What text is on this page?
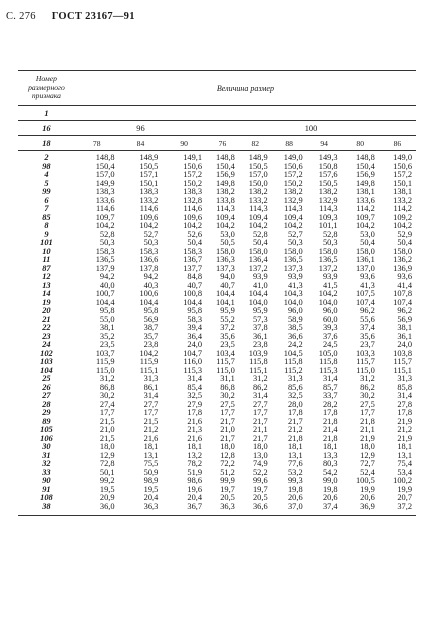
С. 276 ГОСТ 23167—91
Номер размерного признака	Величина размер								
1									
16	96			100					
18	78	84	90	76	82	88	94	80	86

2	148,8	148,9	149,1	148,8	148,9	149,0	149,3	148,8	149,0
98	150,4	150,5	150,6	150,4	150,5	150,6	150,8	150,4	150,6
4	157,0	157,1	157,2	156,9	157,0	157,2	157,6	156,9	157,2
5	149,9	150,1	150,2	149,8	150,0	150,2	150,5	149,8	150,1
99	138,3	138,3	138,3	138,2	138,2	138,2	138,2	138,1	138,1
6	133,6	133,2	132,8	133,8	133,2	132,9	132,9	133,6	133,2
7	114,6	114,6	114,6	114,3	114,3	114,3	114,3	114,2	114,2
85	109,7	109,6	109,6	109,4	109,4	109,4	109,3	109,7	109,2
8	104,2	104,2	104,2	104,2	104,2	104,2	101,1	104,2	104,2
9	52,8	52,7	52,6	53,0	52,8	52,7	52,8	53,0	52,9
101	50,3	50,3	50,4	50,5	50,4	50,3	50,3	50,4	50,4
10	158,3	158,3	158,3	158,0	158,0	158,0	158,0	158,0	158,0
11	136,5	136,6	136,7	136,3	136,4	136,5	136,5	136,1	136,2
87	137,9	137,8	137,7	137,3	137,2	137,3	137,2	137,0	136,9
12	94,2	94,2	84,8	94,0	93,9	93,9	93,9	93,6	93,6
13	40,0	40,3	40,7	40,7	41,0	41,3	41,5	41,3	41,4
14	100,7	100,6	100,8	104,4	104,4	104,3	104,2	107,5	107,8
19	104,4	104,4	104,4	104,1	104,0	104,0	104,0	107,4	107,4
20	95,8	95,8	95,8	95,9	95,9	96,0	96,0	96,2	96,2
21	55,0	56,9	58,3	55,2	57,3	58,9	60,0	55,6	56,9
22	38,1	38,7	39,4	37,2	37,8	38,5	39,3	37,4	38,1
23	35,2	35,7	36,4	35,6	36,1	36,6	37,6	35,6	36,1
24	23,5	23,8	24,0	23,5	23,8	24,2	24,5	23,7	24,0
102	103,7	104,2	104,7	103,4	103,9	104,5	105,0	103,3	103,8
103	115,9	115,9	116,0	115,7	115,8	115,8	115,8	115,7	115,7
104	115,0	115,1	115,3	115,0	115,1	115,2	115,3	115,0	115,1
25	31,2	31,3	31,4	31,1	31,2	31,3	31,4	31,2	31,3
26	86,8	86,1	85,4	86,8	86,2	85,6	85,7	86,2	85,8
27	30,2	31,4	32,5	30,2	31,4	32,5	33,7	30,2	31,4
28	27,4	27,7	27,9	27,5	27,7	28,0	28,2	27,5	27,8
29	17,7	17,7	17,8	17,7	17,7	17,8	17,8	17,7	17,8
89	21,5	21,5	21,6	21,7	21,7	21,7	21,8	21,8	21,9
105	21,0	21,2	21,3	21,0	21,1	21,2	21,4	21,1	21,2
106	21,5	21,6	21,6	21,7	21,7	21,8	21,8	21,9	21,9
30	18,0	18,1	18,1	18,0	18,0	18,1	18,1	18,0	18,1
31	12,9	13,1	13,2	12,8	13,0	13,1	13,3	12,9	13,1
32	72,8	75,5	78,2	72,2	74,9	77,6	80,3	72,7	75,4
33	50,1	50,9	51,9	51,2	52,2	53,2	54,2	52,4	53,4
90	99,2	98,9	98,6	99,9	99,6	99,3	99,0	100,5	100,2
91	19,5	19,5	19,6	19,7	19,7	19,8	19,8	19,9	19,9
108	20,9	20,4	20,4	20,5	20,5	20,6	20,6	20,6	20,7
38	36,0	36,3	36,7	36,3	36,6	37,0	37,4	36,9	37,2
